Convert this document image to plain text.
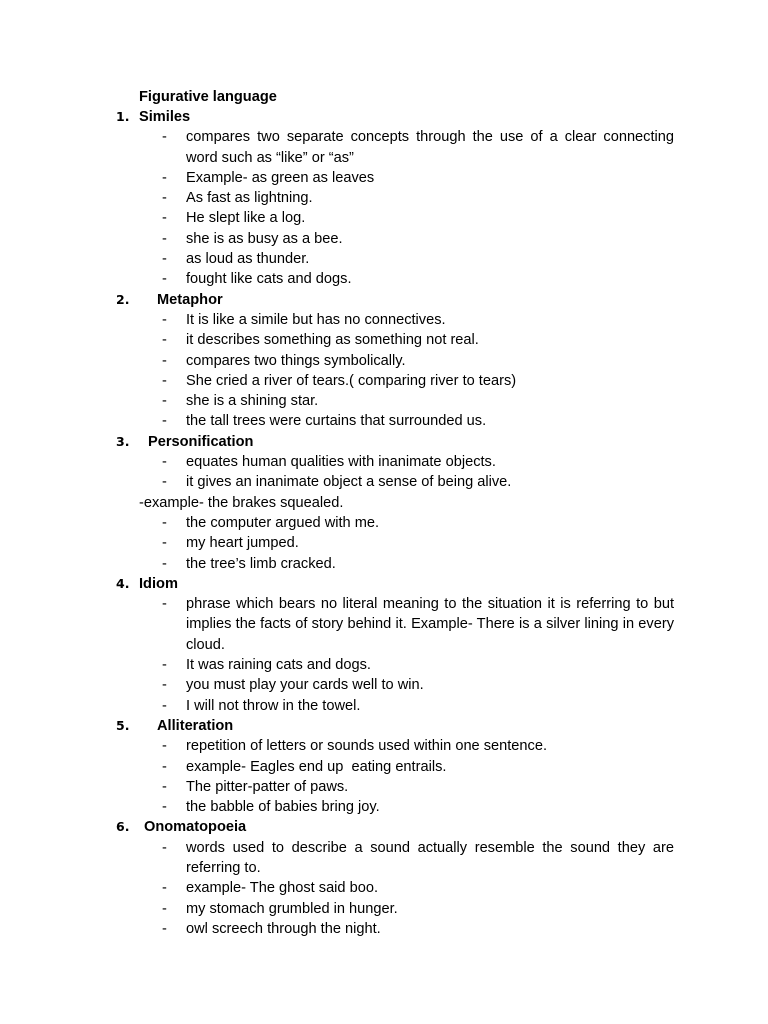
Figurative language
1. Similes
- compares two separate concepts through the use of a clear connecting word such as “like” or “as”
- Example- as green as leaves
- As fast as lightning.
- He slept like a log.
- she is as busy as a bee.
- as loud as thunder.
- fought like cats and dogs.
2. Metaphor
- It is like a simile but has no connectives.
- it describes something as something not real.
- compares two things symbolically.
- She cried a river of tears.( comparing river to tears)
- she is a shining star.
- the tall trees were curtains that surrounded us.
3. Personification
- equates human qualities with inanimate objects.
- it gives an inanimate object a sense of being alive.
-example- the brakes squealed.
- the computer argued with me.
- my heart jumped.
- the tree’s limb cracked.
4. Idiom
- phrase which bears no literal meaning to the situation it is referring to but implies the facts of story behind it. Example- There is a silver lining in every cloud.
- It was raining cats and dogs.
- you must play your cards well to win.
- I will not throw in the towel.
5. Alliteration
- repetition of letters or sounds used within one sentence.
- example- Eagles end up  eating entrails.
- The pitter-patter of paws.
- the babble of babies bring joy.
6. Onomatopoeia
- words used to describe a sound actually resemble the sound they are referring to.
- example- The ghost said boo.
- my stomach grumbled in hunger.
- owl screech through the night.
